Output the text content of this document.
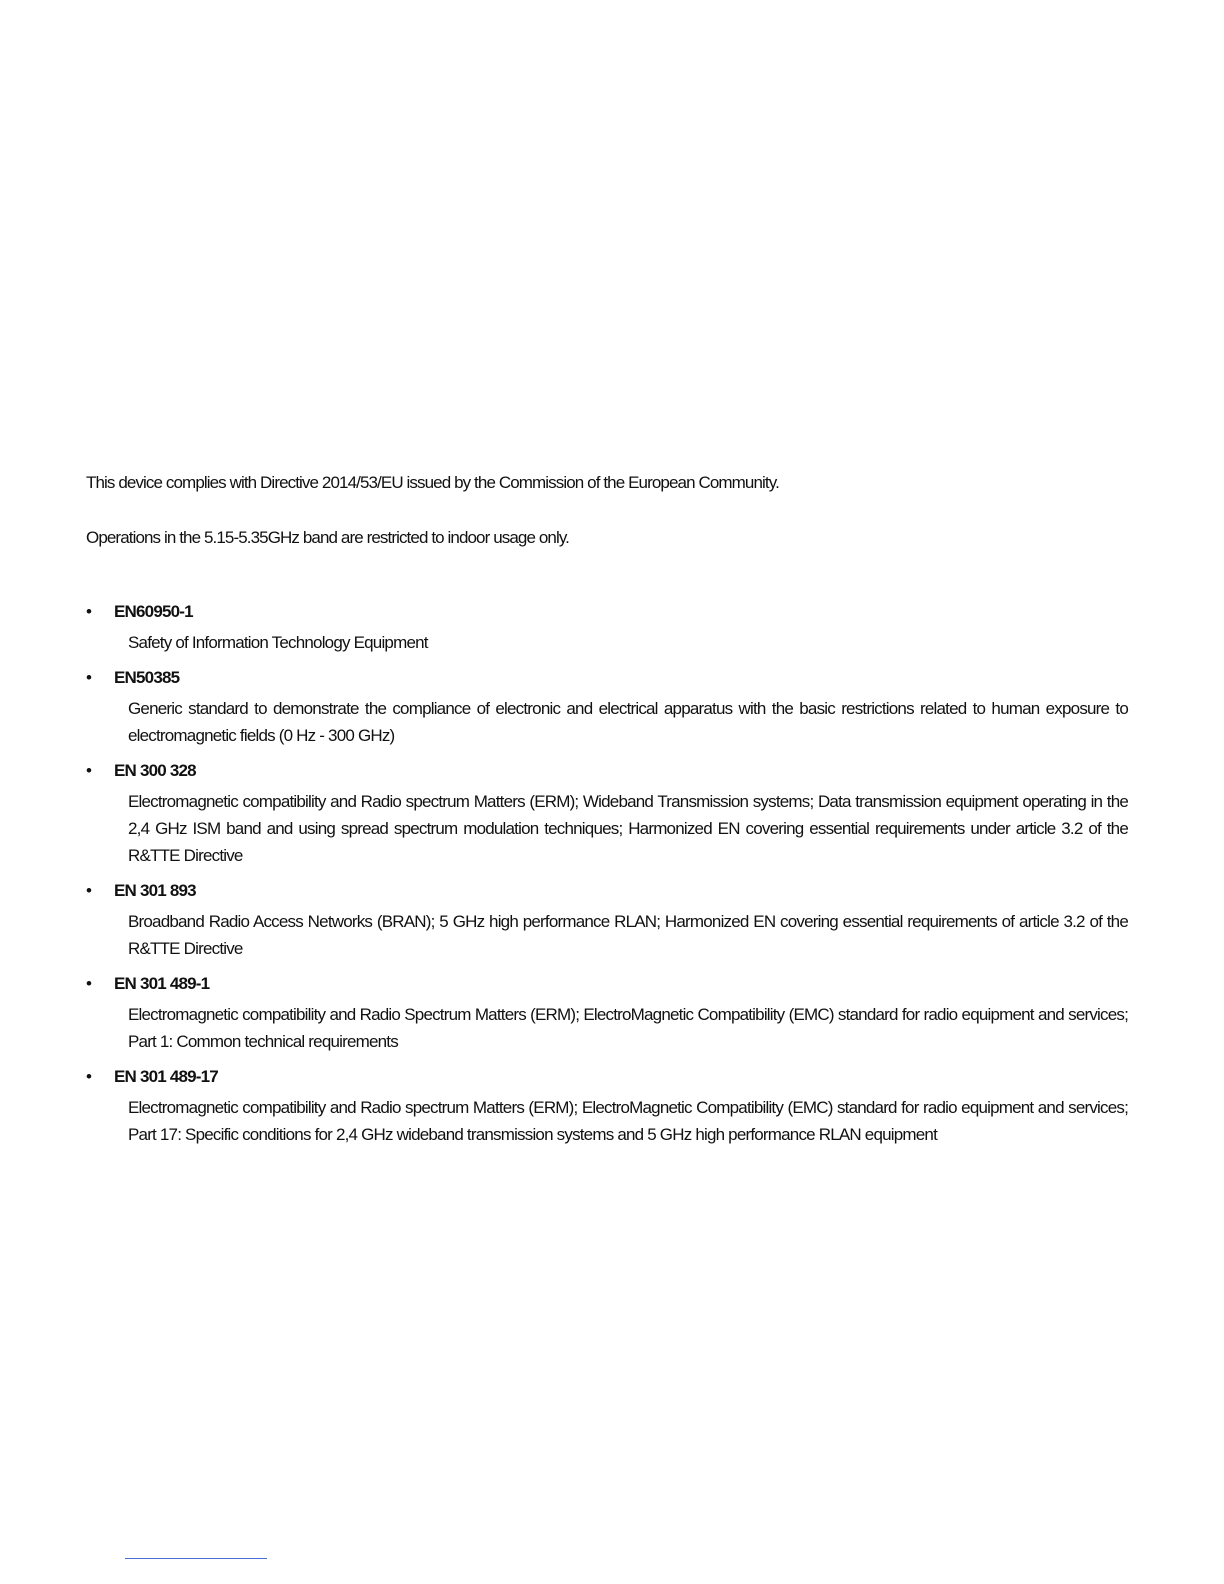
This device complies with Directive 2014/53/EU issued by the Commission of the European Community.

Operations in the 5.15-5.35GHz band are restricted to indoor usage only.

• EN60950-1
Safety of Information Technology Equipment
• EN50385
Generic standard to demonstrate the compliance of electronic and electrical apparatus with the basic restrictions related to human exposure to electromagnetic fields (0 Hz - 300 GHz)
• EN 300 328
Electromagnetic compatibility and Radio spectrum Matters (ERM); Wideband Transmission systems; Data transmission equipment operating in the 2,4 GHz ISM band and using spread spectrum modulation techniques; Harmonized EN covering essential requirements under article 3.2 of the R&TTE Directive
• EN 301 893
Broadband Radio Access Networks (BRAN); 5 GHz high performance RLAN; Harmonized EN covering essential requirements of article 3.2 of the R&TTE Directive
• EN 301 489-1
Electromagnetic compatibility and Radio Spectrum Matters (ERM); ElectroMagnetic Compatibility (EMC) standard for radio equipment and services; Part 1: Common technical requirements
• EN 301 489-17
Electromagnetic compatibility and Radio spectrum Matters (ERM); ElectroMagnetic Compatibility (EMC) standard for radio equipment and services; Part 17: Specific conditions for 2,4 GHz wideband transmission systems and 5 GHz high performance RLAN equipment
